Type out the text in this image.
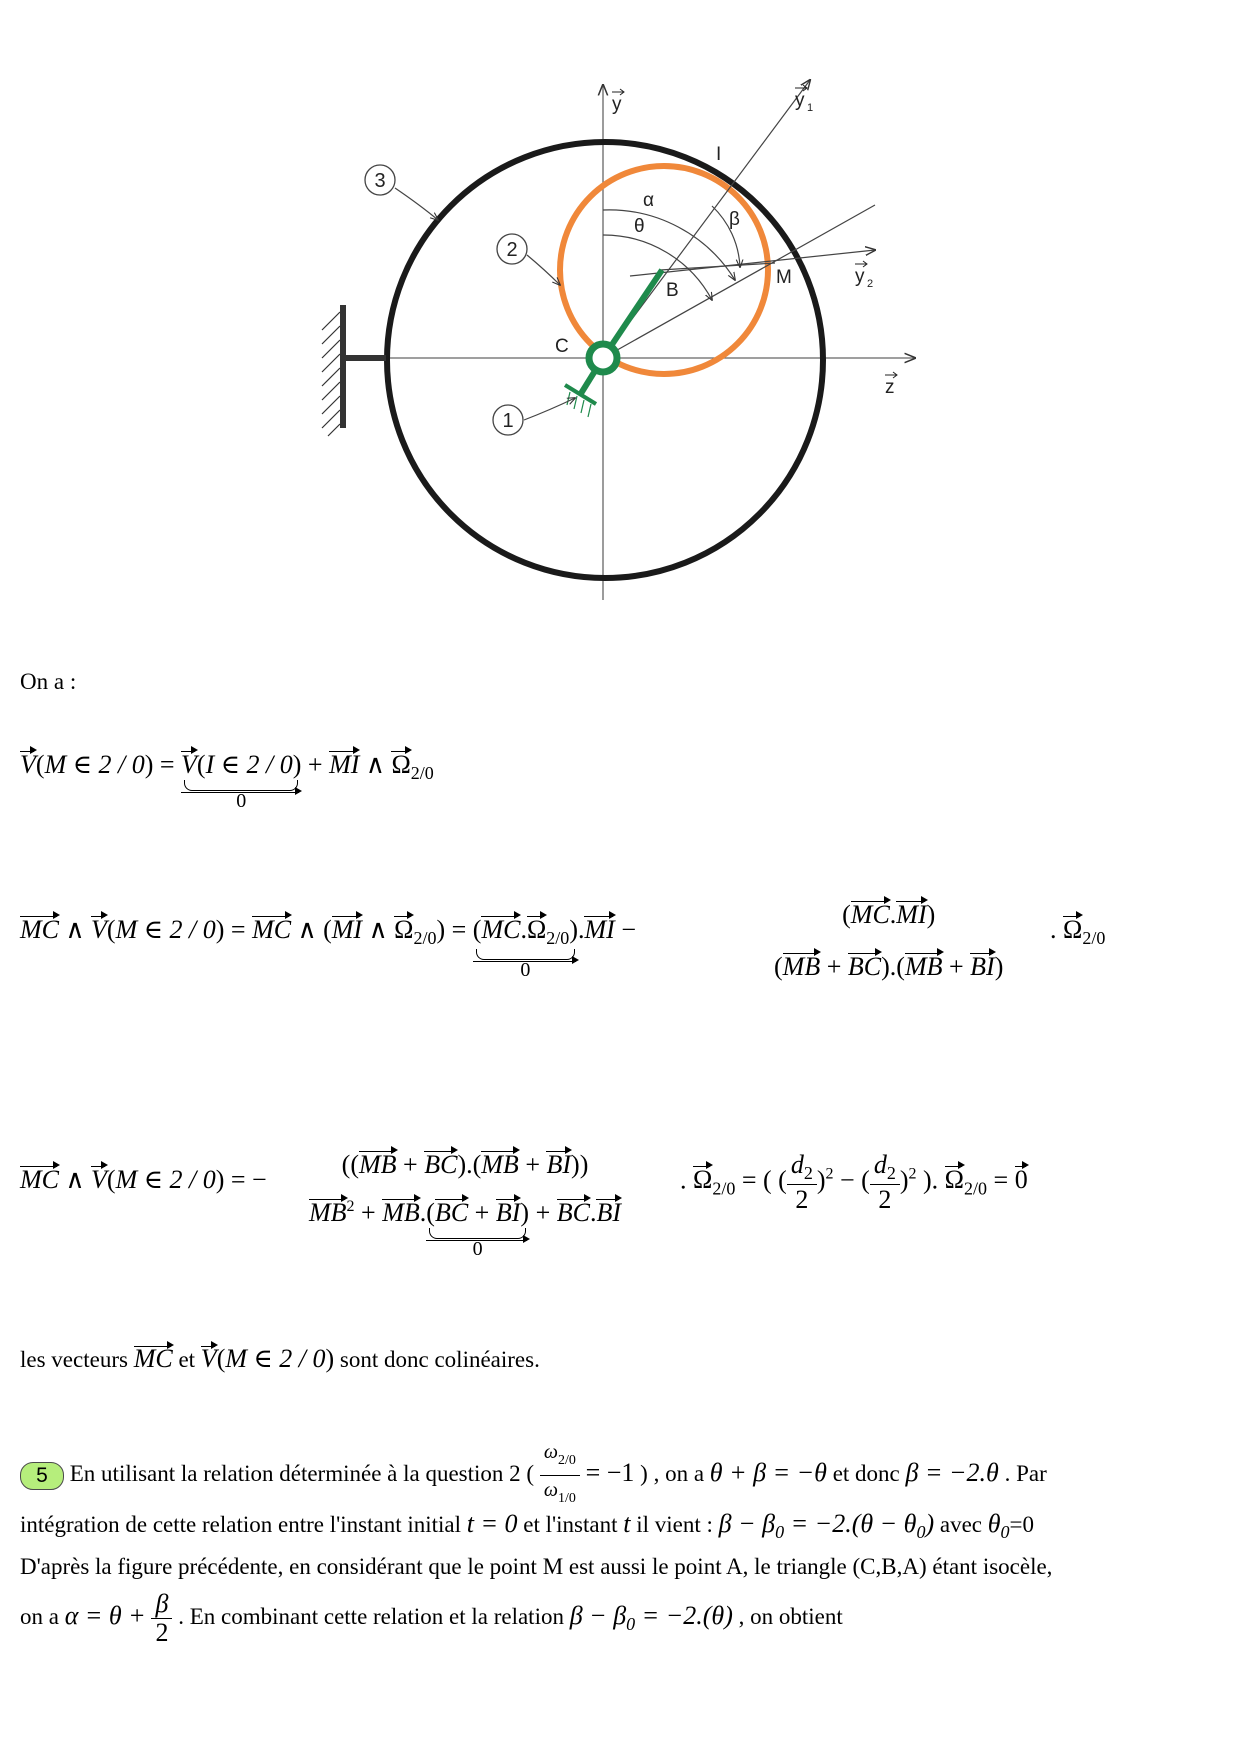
3
2
1
y	y 1
y 2
z
I
B
C
M
α
θ	β
On a :
V(M ∈ 2 / 0) = V(I ∈ 2 / 0)
0
+ MI ∧ $\Omega_{2/0}$
MC ∧ V(M ∈ 2 / 0) = MC ∧ (MI ∧ $\Omega_{2/0}) = (MC.\Omega_{2/0})$
0
.MI −
(MC.MI)
(MB + BC).(MB + BI)
. $\Omega_{2/0}$
MC ∧ V(M ∈ 2 / 0) = −
((MB + BC).(MB + BI))
$MB^2 + MB.(BC + BI)$
0
+ BC.BI
. $\Omega_{2/0}$ = ( ( $\frac{d_2}{2} )^2$ − ( $\frac{d_2}{2} )^2$ ). $\Omega_{2/0} = 0$
les vecteurs MC et V(M ∈ 2 / 0) sont donc colinéaires.
5 En utilisant la relation déterminée à la question 2 ( $\frac{\omega_{2/0}}{\omega_{1/0}} = -1$ ) , on a θ + β = −θ et donc β = −2.θ . Par
intégration de cette relation entre l'instant initial t = 0 et l'instant t il vient : $\beta - \beta_0 = -2.(\theta - \theta_0)$ avec $\theta_0=0$
D'après la figure précédente, en considérant que le point M est aussi le point A, le triangle (C,B,A) étant isocèle,
on a $\alpha = \theta + \frac{\beta}{2}$ . En combinant cette relation et la relation $\beta - \beta_0 = -2.(\theta)$ , on obtient
